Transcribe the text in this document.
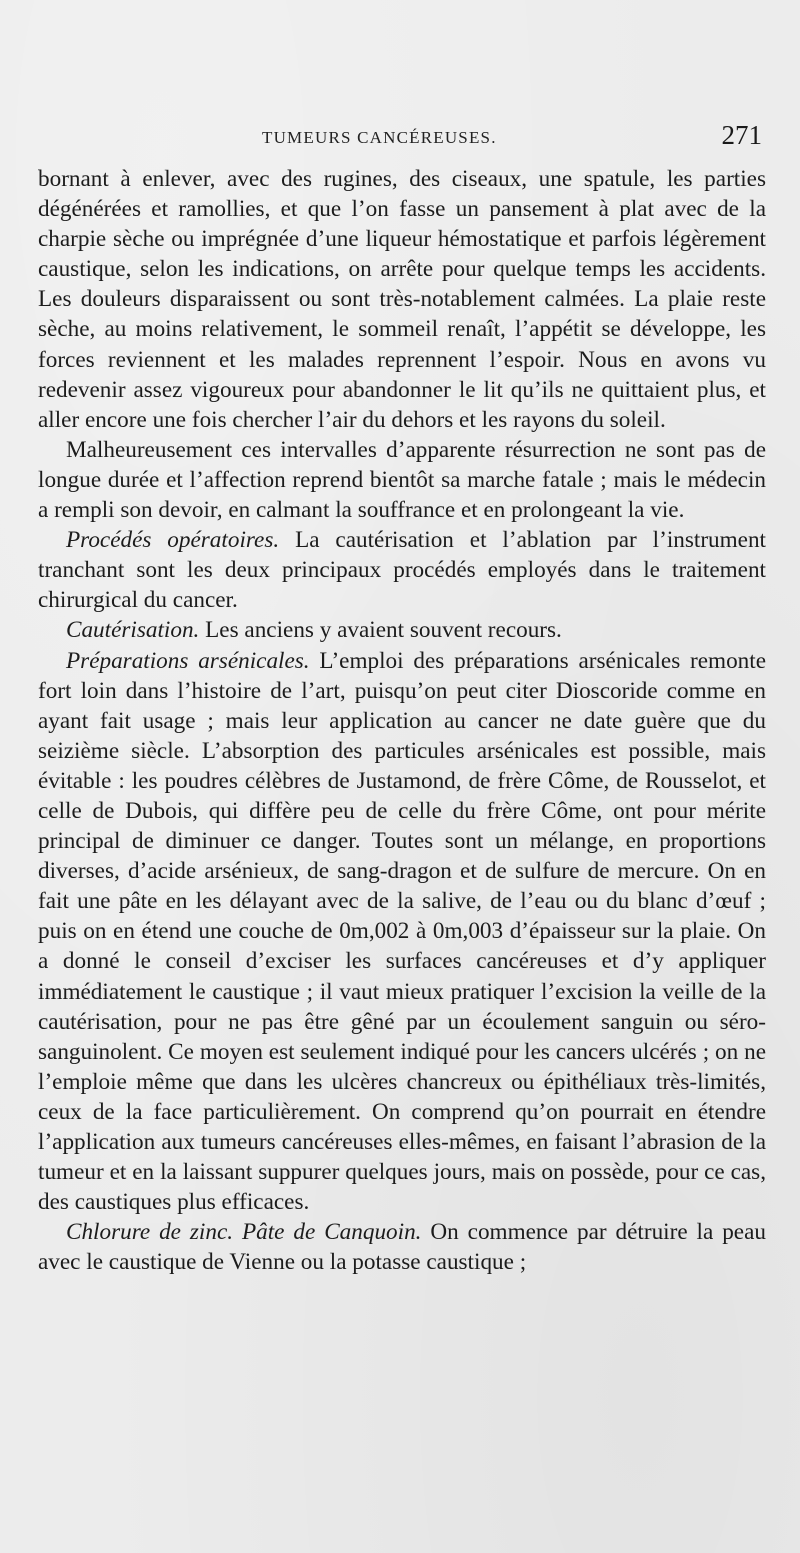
TUMEURS CANCÉREUSES.	271

bornant à enlever, avec des rugines, des ciseaux, une spatule, les parties dégénérées et ramollies, et que l’on fasse un pansement à plat avec de la charpie sèche ou imprégnée d’une liqueur hémostatique et parfois légèrement caustique, selon les indications, on arrête pour quelque temps les accidents. Les douleurs disparaissent ou sont très-notablement calmées. La plaie reste sèche, au moins relativement, le sommeil renaît, l’appétit se développe, les forces reviennent et les malades reprennent l’espoir. Nous en avons vu redevenir assez vigoureux pour abandonner le lit qu’ils ne quittaient plus, et aller encore une fois chercher l’air du dehors et les rayons du soleil.

Malheureusement ces intervalles d’apparente résurrection ne sont pas de longue durée et l’affection reprend bientôt sa marche fatale ; mais le médecin a rempli son devoir, en calmant la souffrance et en prolongeant la vie.

Procédés opératoires. La cautérisation et l’ablation par l’instrument tranchant sont les deux principaux procédés employés dans le traitement chirurgical du cancer.

Cautérisation. Les anciens y avaient souvent recours.

Préparations arsénicales. L’emploi des préparations arsénicales remonte fort loin dans l’histoire de l’art, puisqu’on peut citer Dioscoride comme en ayant fait usage ; mais leur application au cancer ne date guère que du seizième siècle. L’absorption des particules arsénicales est possible, mais évitable : les poudres célèbres de Justamond, de frère Côme, de Rousselot, et celle de Dubois, qui diffère peu de celle du frère Côme, ont pour mérite principal de diminuer ce danger. Toutes sont un mélange, en proportions diverses, d’acide arsénieux, de sang-dragon et de sulfure de mercure. On en fait une pâte en les délayant avec de la salive, de l’eau ou du blanc d’œuf ; puis on en étend une couche de 0m,002 à 0m,003 d’épaisseur sur la plaie. On a donné le conseil d’exciser les surfaces cancéreuses et d’y appliquer immédiatement le caustique ; il vaut mieux pratiquer l’excision la veille de la cautérisation, pour ne pas être gêné par un écoulement sanguin ou séro-sanguinolent. Ce moyen est seulement indiqué pour les cancers ulcérés ; on ne l’emploie même que dans les ulcères chancreux ou épithéliaux très-limités, ceux de la face particulièrement. On comprend qu’on pourrait en étendre l’application aux tumeurs cancéreuses elles-mêmes, en faisant l’abrasion de la tumeur et en la laissant suppurer quelques jours, mais on possède, pour ce cas, des caustiques plus efficaces.

Chlorure de zinc. Pâte de Canquoin. On commence par détruire la peau avec le caustique de Vienne ou la potasse caustique ;
